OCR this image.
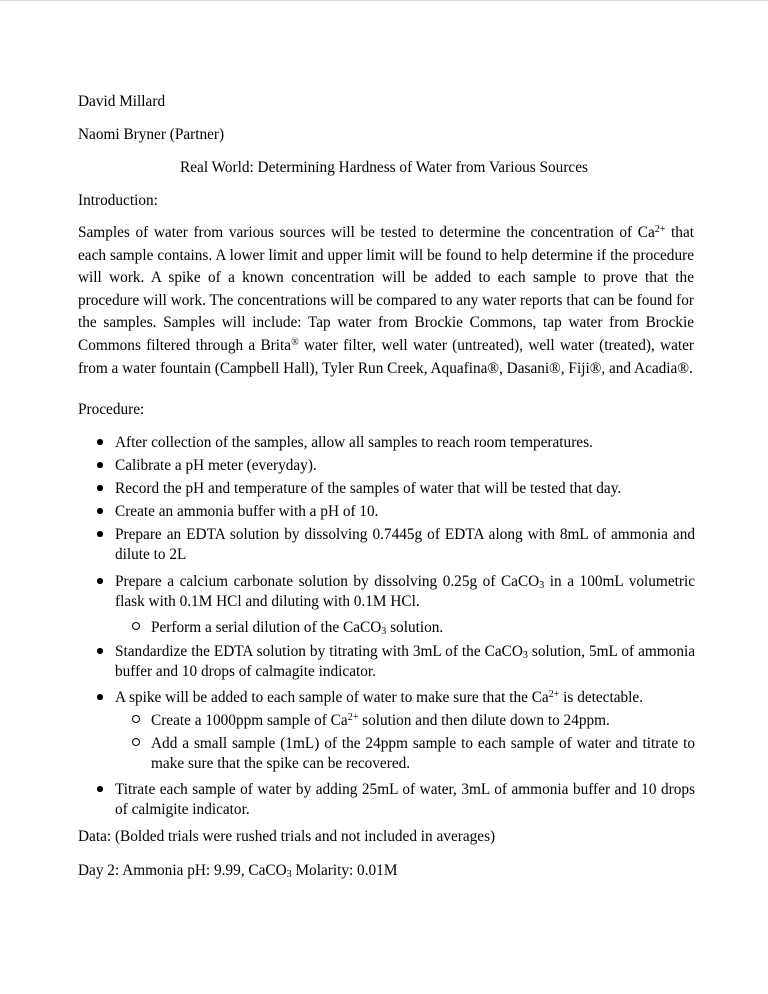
David Millard

Naomi Bryner (Partner)

Real World: Determining Hardness of Water from Various Sources

Introduction:

Samples of water from various sources will be tested to determine the concentration of $Ca^{2+}$ that each sample contains. A lower limit and upper limit will be found to help determine if the procedure will work. A spike of a known concentration will be added to each sample to prove that the procedure will work. The concentrations will be compared to any water reports that can be found for the samples. Samples will include: Tap water from Brockie Commons, tap water from Brockie Commons filtered through a Brita® water filter, well water (untreated), well water (treated), water from a water fountain (Campbell Hall), Tyler Run Creek, Aquafina®, Dasani®, Fiji®, and Acadia®.

Procedure:

After collection of the samples, allow all samples to reach room temperatures.
Calibrate a pH meter (everyday).
Record the pH and temperature of the samples of water that will be tested that day.
Create an ammonia buffer with a pH of 10.
Prepare an EDTA solution by dissolving 0.7445g of EDTA along with 8mL of ammonia and dilute to 2L
Prepare a calcium carbonate solution by dissolving 0.25g of CaCO$_3$ in a 100mL volumetric flask with 0.1M HCl and diluting with 0.1M HCl.
Perform a serial dilution of the CaCO$_3$ solution.
Standardize the EDTA solution by titrating with 3mL of the CaCO$_3$ solution, 5mL of ammonia buffer and 10 drops of calmagite indicator.
A spike will be added to each sample of water to make sure that the $Ca^{2+}$ is detectable.
Create a 1000ppm sample of $Ca^{2+}$ solution and then dilute down to 24ppm.
Add a small sample (1mL) of the 24ppm sample to each sample of water and titrate to make sure that the spike can be recovered.
Titrate each sample of water by adding 25mL of water, 3mL of ammonia buffer and 10 drops of calmigite indicator.

Data: (Bolded trials were rushed trials and not included in averages)

Day 2: Ammonia pH: 9.99, CaCO$_3$ Molarity: 0.01M
